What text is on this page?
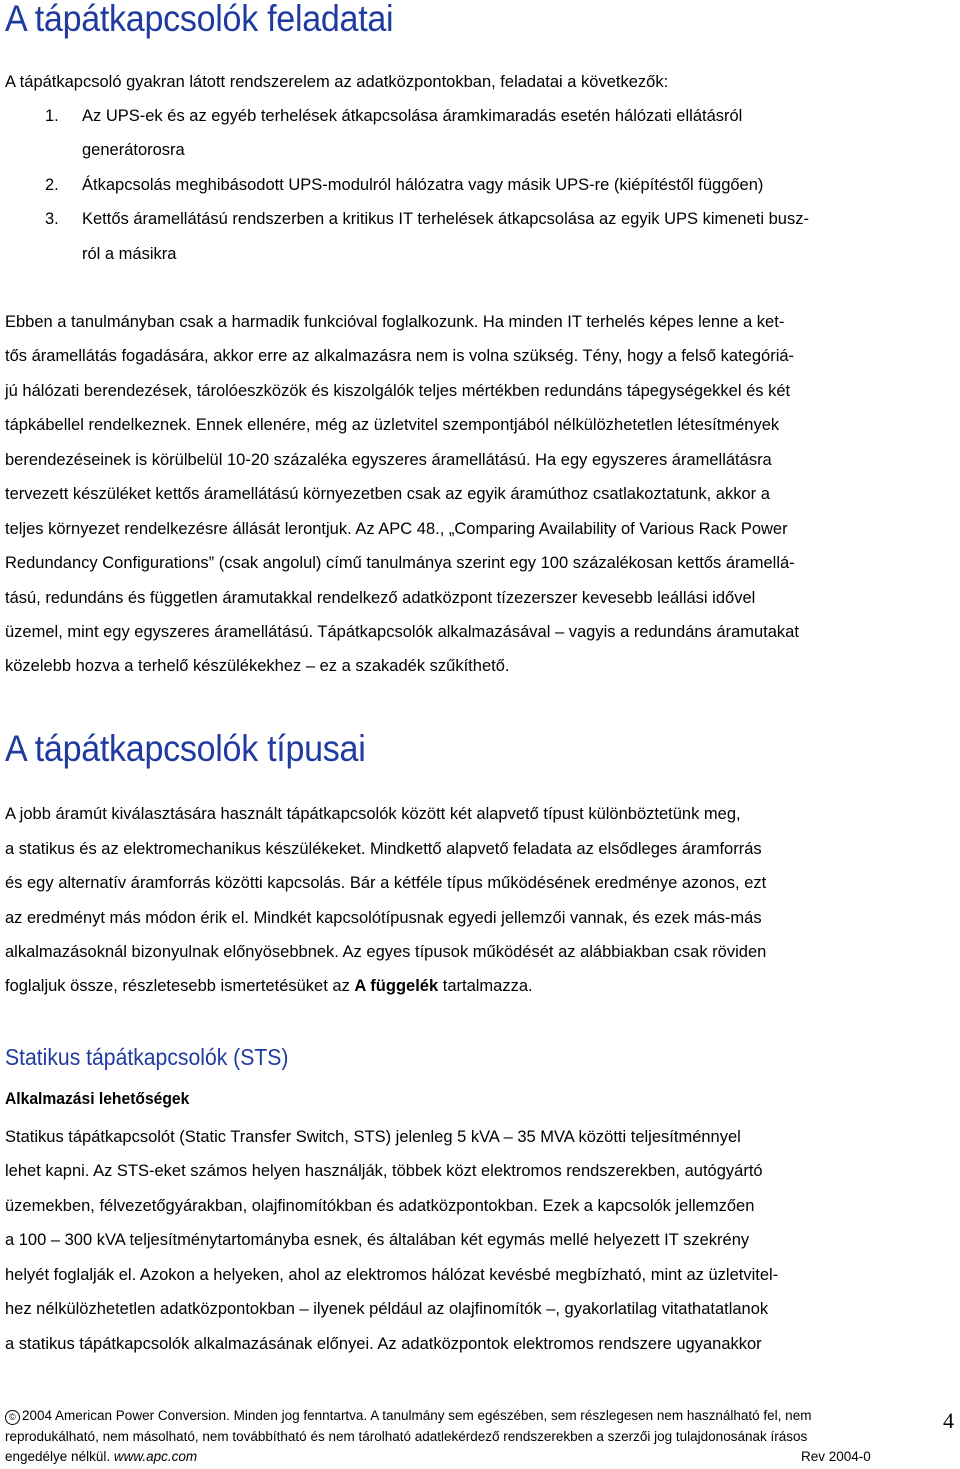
A tápátkapcsolók feladatai
A tápátkapcsoló gyakran látott rendszerelem az adatközpontokban, feladatai a következők:
1. Az UPS-ek és az egyéb terhelések átkapcsolása áramkimaradás esetén hálózati ellátásról
generátorosra
2. Átkapcsolás meghibásodott UPS-modulról hálózatra vagy másik UPS-re (kiépítéstől függően)
3. Kettős áramellátású rendszerben a kritikus IT terhelések átkapcsolása az egyik UPS kimeneti busz-
ról a másikra
Ebben a tanulmányban csak a harmadik funkcióval foglalkozunk. Ha minden IT terhelés képes lenne a ket-
tős áramellátás fogadására, akkor erre az alkalmazásra nem is volna szükség. Tény, hogy a felső kategóriá-
jú hálózati berendezések, tárolóeszközök és kiszolgálók teljes mértékben redundáns tápegységekkel és két
tápkábellel rendelkeznek. Ennek ellenére, még az üzletvitel szempontjából nélkülözhetetlen létesítmények
berendezéseinek is körülbelül 10-20 százaléka egyszeres áramellátású. Ha egy egyszeres áramellátásra
tervezett készüléket kettős áramellátású környezetben csak az egyik áramúthoz csatlakoztatunk, akkor a
teljes környezet rendelkezésre állását lerontjuk. Az APC 48., „Comparing Availability of Various Rack Power
Redundancy Configurations” (csak angolul) című tanulmánya szerint egy 100 százalékosan kettős áramellá-
tású, redundáns és független áramutakkal rendelkező adatközpont tízezerszer kevesebb leállási idővel
üzemel, mint egy egyszeres áramellátású. Tápátkapcsolók alkalmazásával – vagyis a redundáns áramutakat
közelebb hozva a terhelő készülékekhez – ez a szakadék szűkíthető.
A tápátkapcsolók típusai
A jobb áramút kiválasztására használt tápátkapcsolók között két alapvető típust különböztetünk meg,
a statikus és az elektromechanikus készülékeket. Mindkettő alapvető feladata az elsődleges áramforrás
és egy alternatív áramforrás közötti kapcsolás. Bár a kétféle típus működésének eredménye azonos, ezt
az eredményt más módon érik el. Mindkét kapcsolótípusnak egyedi jellemzői vannak, és ezek más-más
alkalmazásoknál bizonyulnak előnyösebbnek. Az egyes típusok működését az alábbiakban csak röviden
foglaljuk össze, részletesebb ismertetésüket az A függelék tartalmazza.
Statikus tápátkapcsolók (STS)
Alkalmazási lehetőségek
Statikus tápátkapcsolót (Static Transfer Switch, STS) jelenleg 5 kVA – 35 MVA közötti teljesítménnyel
lehet kapni. Az STS-eket számos helyen használják, többek közt elektromos rendszerekben, autógyártó
üzemekben, félvezetőgyárakban, olajfinomítókban és adatközpontokban. Ezek a kapcsolók jellemzően
a 100 – 300 kVA teljesítménytartományba esnek, és általában két egymás mellé helyezett IT szekrény
helyét foglalják el. Azokon a helyeken, ahol az elektromos hálózat kevésbé megbízható, mint az üzletvitel-
hez nélkülözhetetlen adatközpontokban – ilyenek például az olajfinomítók –, gyakorlatilag vitathatatlanok
a statikus tápátkapcsolók alkalmazásának előnyei. Az adatközpontok elektromos rendszere ugyanakkor
© 2004 American Power Conversion. Minden jog fenntartva. A tanulmány sem egészében, sem részlegesen nem használható fel, nem
reprodukálható, nem másolható, nem továbbítható és nem tárolható adatlekérdező rendszerekben a szerzői jog tulajdonosának írásos
engedélye nélkül. www.apc.com	Rev 2004-0
4
